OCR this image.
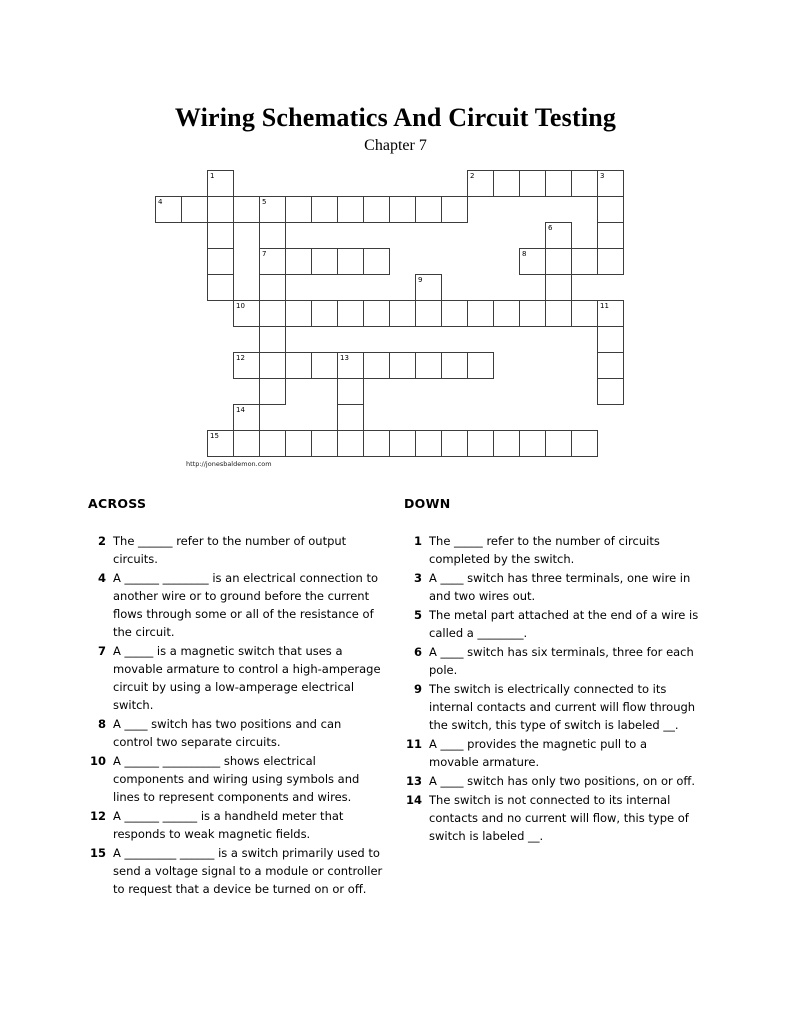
Wiring Schematics And Circuit Testing
Chapter 7
1	2	3
4	5
6
7	8
9
10	11
12	13
14
15
http://jonesbaldemon.com
ACROSS
2 The ______ refer to the number of output circuits.
4 A ______ ________ is an electrical connection to another wire or to ground before the current flows through some or all of the resistance of the circuit.
7 A _____ is a magnetic switch that uses a movable armature to control a high-amperage circuit by using a low-amperage electrical switch.
8 A ____ switch has two positions and can control two separate circuits.
10 A ______ __________ shows electrical components and wiring using symbols and lines to represent components and wires.
12 A ______ ______ is a handheld meter that responds to weak magnetic fields.
15 A _________ ______ is a switch primarily used to send a voltage signal to a module or controller to request that a device be turned on or off.
DOWN
1 The _____ refer to the number of circuits completed by the switch.
3 A ____ switch has three terminals, one wire in and two wires out.
5 The metal part attached at the end of a wire is called a ________.
6 A ____ switch has six terminals, three for each pole.
9 The switch is electrically connected to its internal contacts and current will flow through the switch, this type of switch is labeled __.
11 A ____ provides the magnetic pull to a movable armature.
13 A ____ switch has only two positions, on or off.
14 The switch is not connected to its internal contacts and no current will flow, this type of switch is labeled __.
